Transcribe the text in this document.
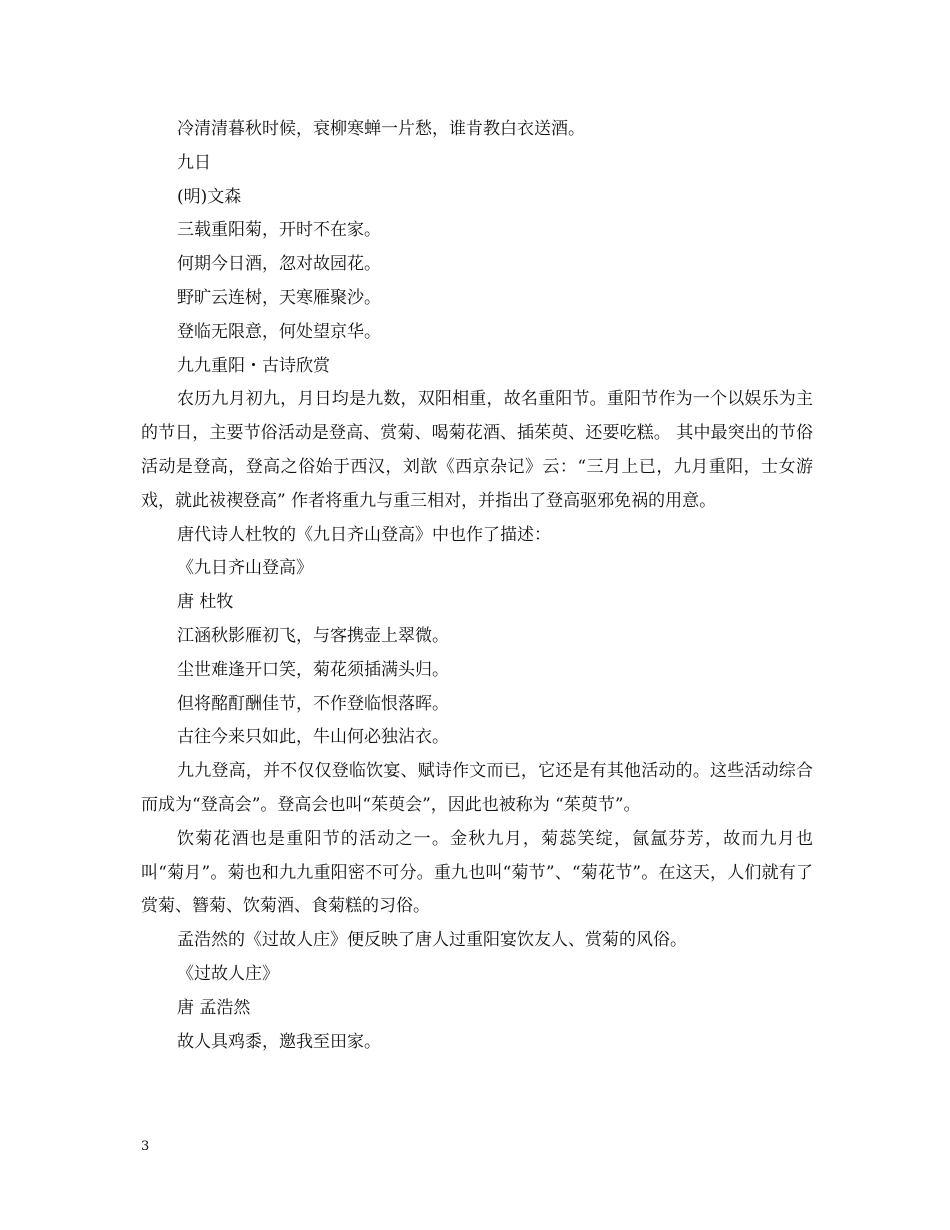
冷清清暮秋时候，衰柳寒蝉一片愁，谁肯教白衣送酒。
九日
(明)文森
三载重阳菊，开时不在家。
何期今日酒，忽对故园花。
野旷云连树，天寒雁聚沙。
登临无限意，何处望京华。
九九重阳・古诗欣赏

农历九月初九，月日均是九数，双阳相重，故名重阳节。重阳节作为一个以娱乐为主的节日，主要节俗活动是登高、赏菊、喝菊花酒、插茱萸、还要吃糕。 其中最突出的节俗活动是登高，登高之俗始于西汉，刘歆《西京杂记》云：“三月上已，九月重阳，士女游戏，就此祓禊登高” 作者将重九与重三相对，并指出了登高驱邪免祸的用意。

唐代诗人杜牧的《九日齐山登高》中也作了描述：
《九日齐山登高》
唐 杜牧
江涵秋影雁初飞，与客携壶上翠微。
尘世难逢开口笑，菊花须插满头归。
但将酩酊酬佳节，不作登临恨落晖。
古往今来只如此，牛山何必独沾衣。

九九登高，并不仅仅登临饮宴、赋诗作文而已，它还是有其他活动的。这些活动综合而成为“登高会”。登高会也叫“茱萸会”，因此也被称为 “茱萸节”。

饮菊花酒也是重阳节的活动之一。金秋九月，菊蕊笑绽，氤氲芬芳，故而九月也叫“菊月”。菊也和九九重阳密不可分。重九也叫“菊节”、“菊花节”。在这天，人们就有了赏菊、簪菊、饮菊酒、食菊糕的习俗。

孟浩然的《过故人庄》便反映了唐人过重阳宴饮友人、赏菊的风俗。
《过故人庄》
唐 孟浩然
故人具鸡黍，邀我至田家。
3
